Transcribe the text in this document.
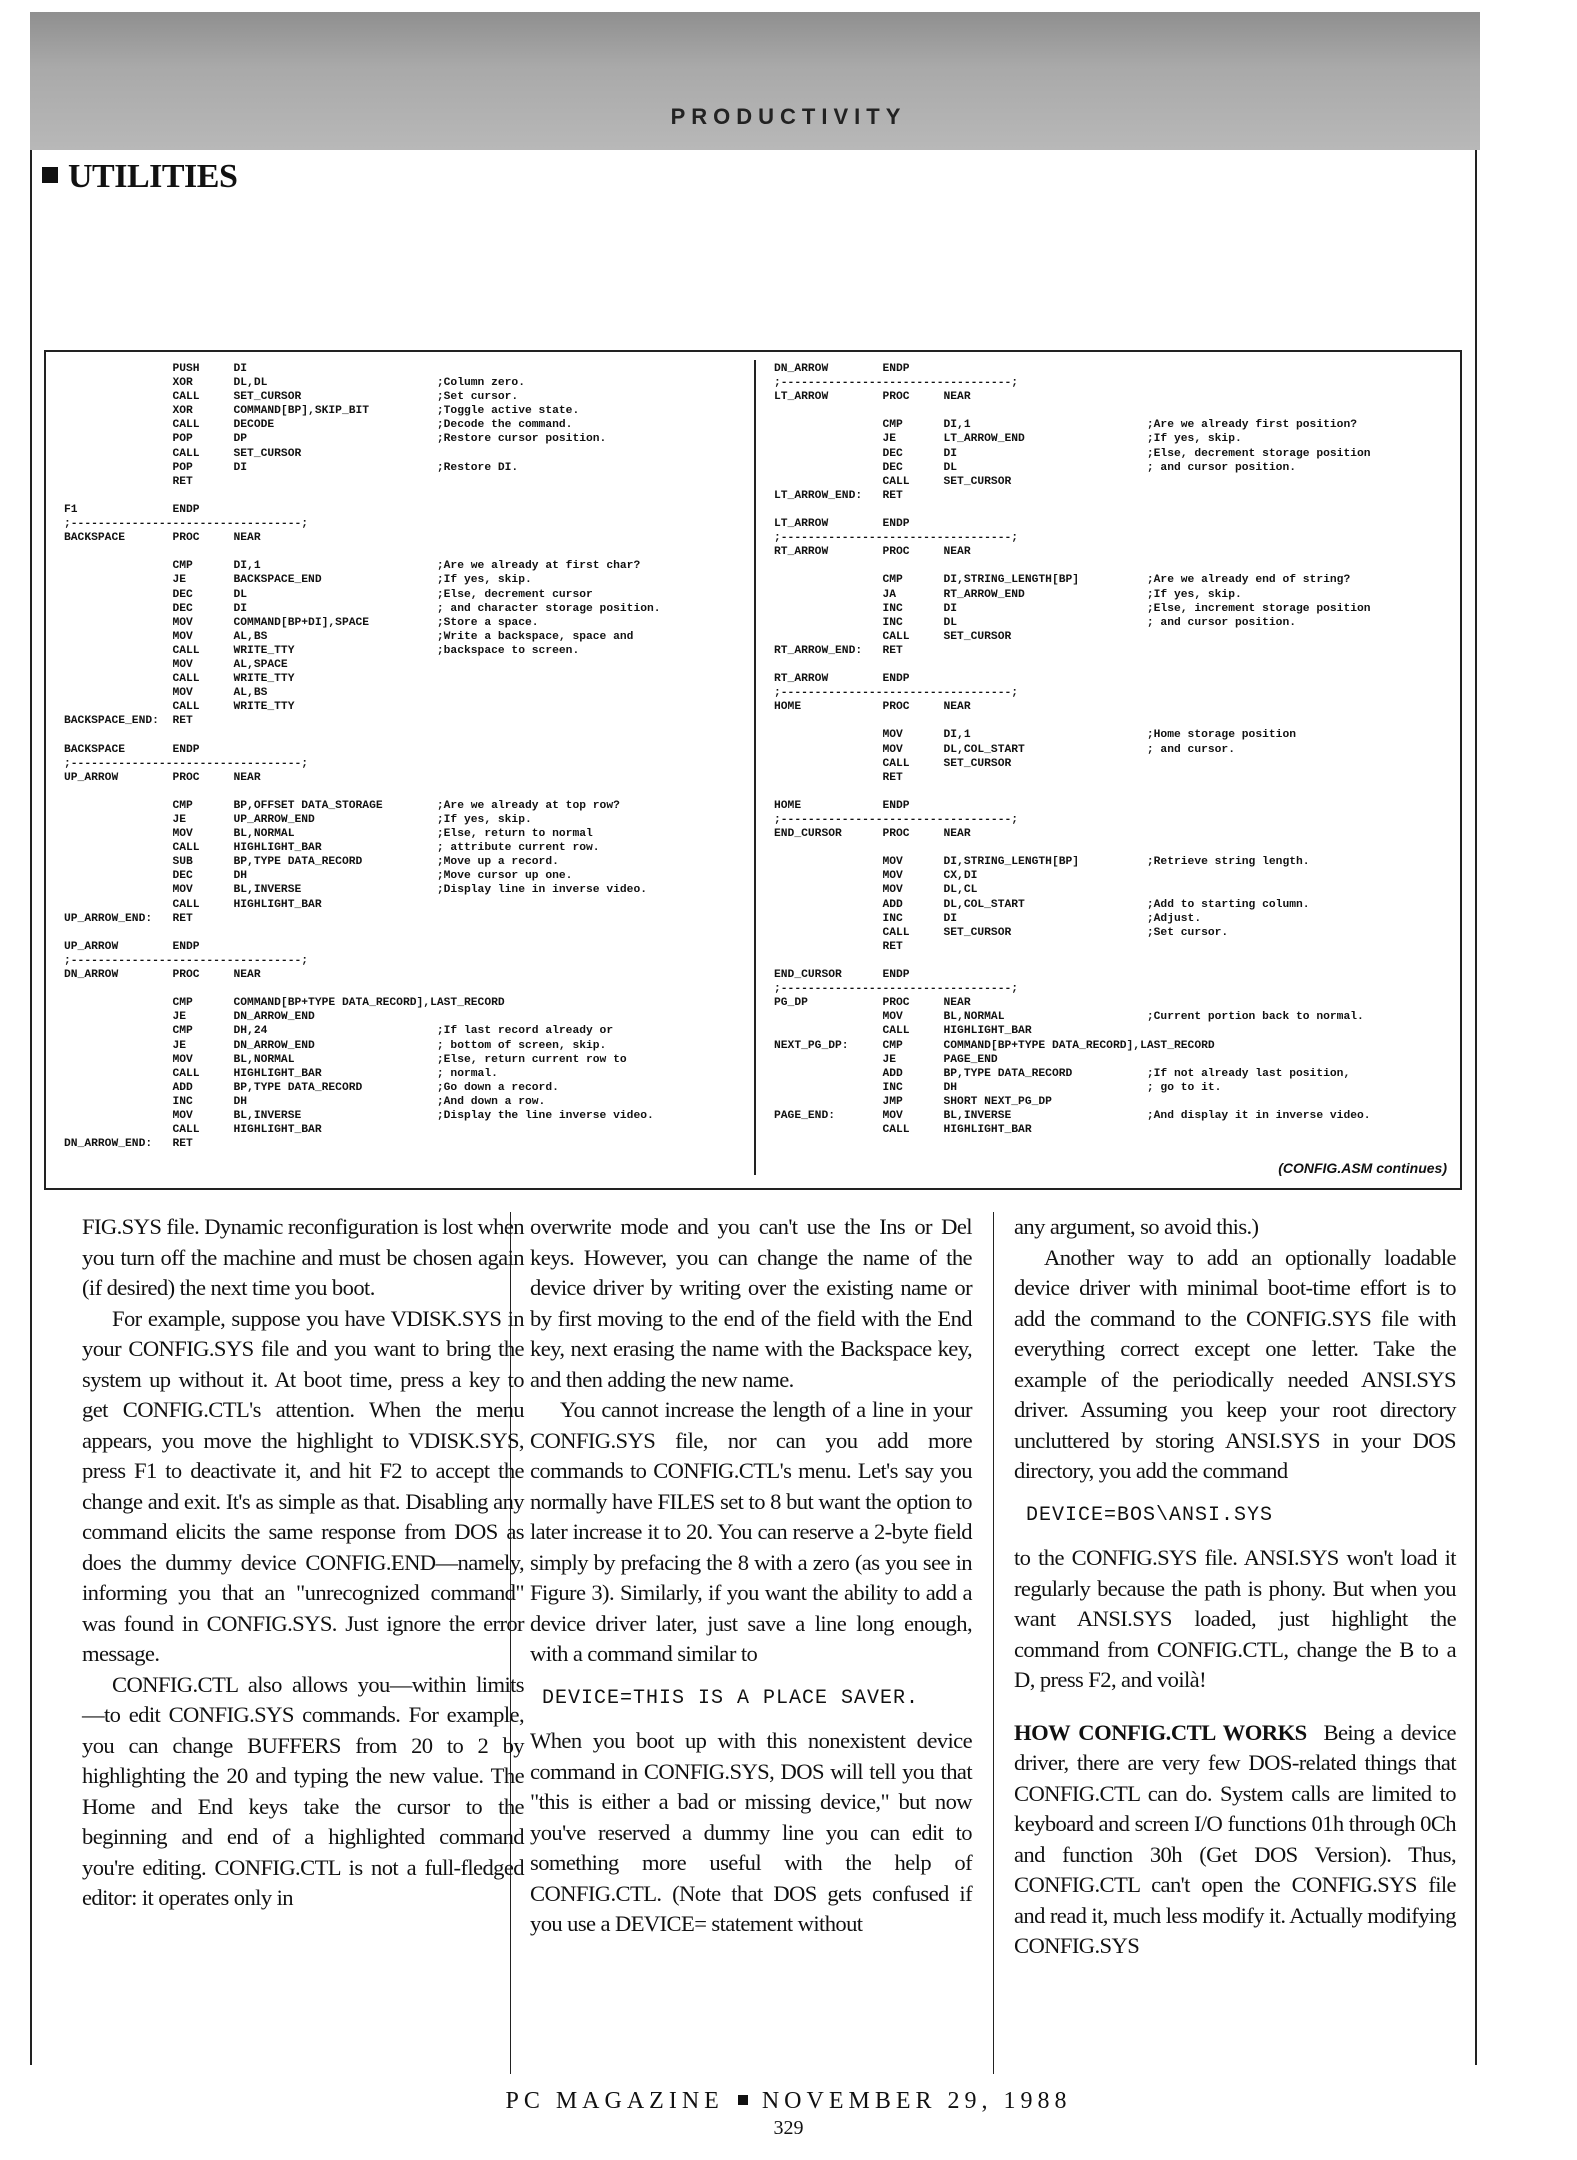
PRODUCTIVITY
UTILITIES
PUSH     DI
XOR      DL,DL                         ;Column zero.
CALL     SET_CURSOR                    ;Set cursor.
XOR      COMMAND[BP],SKIP_BIT          ;Toggle active state.
CALL     DECODE                        ;Decode the command.
POP      DP                            ;Restore cursor position.
CALL     SET_CURSOR
POP      DI                            ;Restore DI.
RET

F1              ENDP
;----------------------------------;
BACKSPACE       PROC     NEAR

CMP      DI,1                          ;Are we already at first char?
JE       BACKSPACE_END                 ;If yes, skip.
DEC      DL                            ;Else, decrement cursor
DEC      DI                            ; and character storage position.
MOV      COMMAND[BP+DI],SPACE          ;Store a space.
MOV      AL,BS                         ;Write a backspace, space and
CALL     WRITE_TTY                     ;backspace to screen.
MOV      AL,SPACE
CALL     WRITE_TTY
MOV      AL,BS
CALL     WRITE_TTY
BACKSPACE_END:  RET

BACKSPACE       ENDP
;----------------------------------;
UP_ARROW        PROC     NEAR

CMP      BP,OFFSET DATA_STORAGE        ;Are we already at top row?
JE       UP_ARROW_END                  ;If yes, skip.
MOV      BL,NORMAL                     ;Else, return to normal
CALL     HIGHLIGHT_BAR                 ; attribute current row.
SUB      BP,TYPE DATA_RECORD           ;Move up a record.
DEC      DH                            ;Move cursor up one.
MOV      BL,INVERSE                    ;Display line in inverse video.
CALL     HIGHLIGHT_BAR
UP_ARROW_END:   RET

UP_ARROW        ENDP
;----------------------------------;
DN_ARROW        PROC     NEAR

CMP      COMMAND[BP+TYPE DATA_RECORD],LAST_RECORD
JE       DN_ARROW_END
CMP      DH,24                         ;If last record already or
JE       DN_ARROW_END                  ; bottom of screen, skip.
MOV      BL,NORMAL                     ;Else, return current row to
CALL     HIGHLIGHT_BAR                 ; normal.
ADD      BP,TYPE DATA_RECORD           ;Go down a record.
INC      DH                            ;And down a row.
MOV      BL,INVERSE                    ;Display the line inverse video.
CALL     HIGHLIGHT_BAR
DN_ARROW_END:   RET
DN_ARROW        ENDP
;----------------------------------;
LT_ARROW        PROC     NEAR

CMP      DI,1                          ;Are we already first position?
JE       LT_ARROW_END                  ;If yes, skip.
DEC      DI                            ;Else, decrement storage position
DEC      DL                            ; and cursor position.
CALL     SET_CURSOR
LT_ARROW_END:   RET

LT_ARROW        ENDP
;----------------------------------;
RT_ARROW        PROC     NEAR

CMP      DI,STRING_LENGTH[BP]          ;Are we already end of string?
JA       RT_ARROW_END                  ;If yes, skip.
INC      DI                            ;Else, increment storage position
INC      DL                            ; and cursor position.
CALL     SET_CURSOR
RT_ARROW_END:   RET

RT_ARROW        ENDP
;----------------------------------;
HOME            PROC     NEAR

MOV      DI,1                          ;Home storage position
MOV      DL,COL_START                  ; and cursor.
CALL     SET_CURSOR
RET

HOME            ENDP
;----------------------------------;
END_CURSOR      PROC     NEAR

MOV      DI,STRING_LENGTH[BP]          ;Retrieve string length.
MOV      CX,DI
MOV      DL,CL
ADD      DL,COL_START                  ;Add to starting column.
INC      DI                            ;Adjust.
CALL     SET_CURSOR                    ;Set cursor.
RET

END_CURSOR      ENDP
;----------------------------------;
PG_DP           PROC     NEAR
MOV      BL,NORMAL                     ;Current portion back to normal.
CALL     HIGHLIGHT_BAR
NEXT_PG_DP:     CMP      COMMAND[BP+TYPE DATA_RECORD],LAST_RECORD
JE       PAGE_END
ADD      BP,TYPE DATA_RECORD           ;If not already last position,
INC      DH                            ; go to it.
JMP      SHORT NEXT_PG_DP
PAGE_END:       MOV      BL,INVERSE                    ;And display it in inverse video.
CALL     HIGHLIGHT_BAR
(CONFIG.ASM continues)

FIG.SYS file. Dynamic reconfiguration is lost when you turn off the machine and must be chosen again (if desired) the next time you boot.

For example, suppose you have VDISK.SYS in your CONFIG.SYS file and you want to bring the system up without it. At boot time, press a key to get CONFIG.CTL's attention. When the menu appears, you move the highlight to VDISK.SYS, press F1 to deactivate it, and hit F2 to accept the change and exit. It's as simple as that. Disabling any command elicits the same response from DOS as does the dummy device CONFIG.END—namely, informing you that an "unrecognized command" was found in CONFIG.SYS. Just ignore the error message.

CONFIG.CTL also allows you—within limits—to edit CONFIG.SYS commands. For example, you can change BUFFERS from 20 to 2 by highlighting the 20 and typing the new value. The Home and End keys take the cursor to the beginning and end of a highlighted command you're editing. CONFIG.CTL is not a full-fledged editor: it operates only in

overwrite mode and you can't use the Ins or Del keys. However, you can change the name of the device driver by writing over the existing name or by first moving to the end of the field with the End key, next erasing the name with the Backspace key, and then adding the new name.

You cannot increase the length of a line in your CONFIG.SYS file, nor can you add more commands to CONFIG.CTL's menu. Let's say you normally have FILES set to 8 but want the option to later increase it to 20. You can reserve a 2-byte field simply by prefacing the 8 with a zero (as you see in Figure 3). Similarly, if you want the ability to add a device driver later, just save a line long enough, with a command similar to

DEVICE=THIS IS A PLACE SAVER.

When you boot up with this nonexistent device command in CONFIG.SYS, DOS will tell you that "this is either a bad or missing device," but now you've reserved a dummy line you can edit to something more useful with the help of CONFIG.CTL. (Note that DOS gets confused if you use a DEVICE= statement without

any argument, so avoid this.)

Another way to add an optionally loadable device driver with minimal boot-time effort is to add the command to the CONFIG.SYS file with everything correct except one letter. Take the example of the periodically needed ANSI.SYS driver. Assuming you keep your root directory uncluttered by storing ANSI.SYS in your DOS directory, you add the command

DEVICE=BOS\ANSI.SYS

to the CONFIG.SYS file. ANSI.SYS won't load it regularly because the path is phony. But when you want ANSI.SYS loaded, just highlight the command from CONFIG.CTL, change the B to a D, press F2, and voilà!

HOW CONFIG.CTL WORKS Being a device driver, there are very few DOS-related things that CONFIG.CTL can do. System calls are limited to keyboard and screen I/O functions 01h through 0Ch and function 30h (Get DOS Version). Thus, CONFIG.CTL can't open the CONFIG.SYS file and read it, much less modify it. Actually modifying CONFIG.SYS

PC MAGAZINE NOVEMBER 29, 1988
329
